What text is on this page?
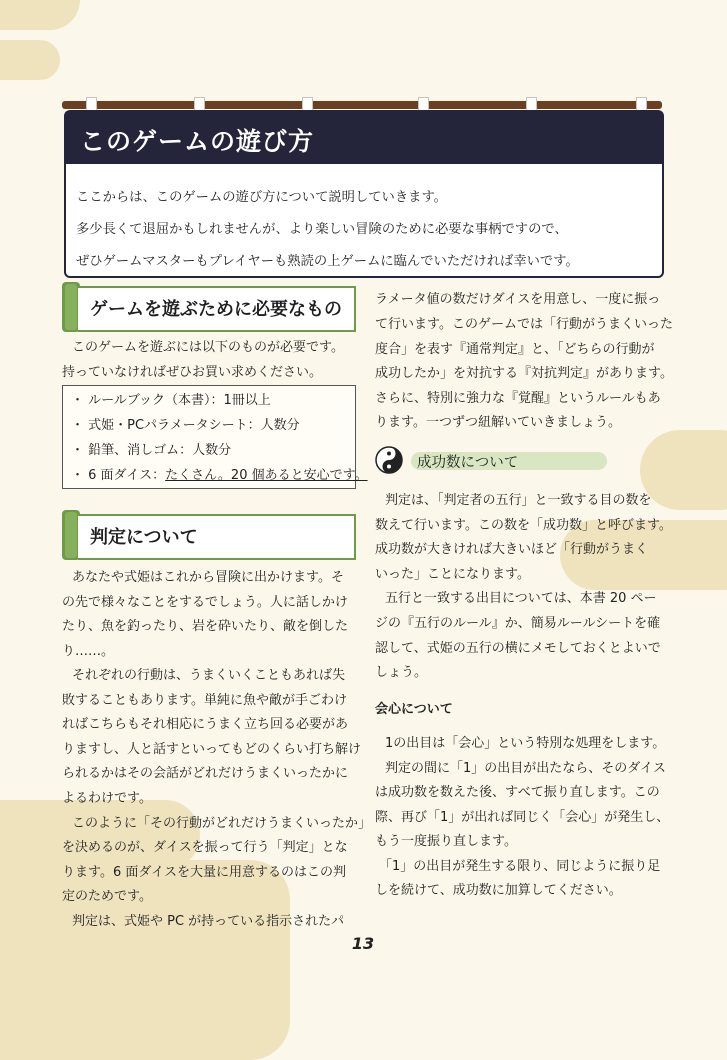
このゲームの遊び方
ここからは、このゲームの遊び方について説明していきます。
多少長くて退屈かもしれませんが、より楽しい冒険のために必要な事柄ですので、
ぜひゲームマスターもプレイヤーも熟読の上ゲームに臨んでいただければ幸いです。
ゲームを遊ぶために必要なもの
このゲームを遊ぶには以下のものが必要です。
持っていなければぜひお買い求めください。
・ ルールブック（本書）：1冊以上
・ 式姫・PCパラメータシート：人数分
・ 鉛筆、消しゴム：人数分
・ 6 面ダイス：たくさん。20 個あると安心です。
判定について
あなたや式姫はこれから冒険に出かけます。そ
の先で様々なことをするでしょう。人に話しかけ
たり、魚を釣ったり、岩を砕いたり、敵を倒した
り……。
それぞれの行動は、うまくいくこともあれば失
敗することもあります。単純に魚や敵が手ごわけ
ればこちらもそれ相応にうまく立ち回る必要があ
りますし、人と話すといってもどのくらい打ち解け
られるかはその会話がどれだけうまくいったかに
よるわけです。
このように「その行動がどれだけうまくいったか」
を決めるのが、ダイスを振って行う「判定」とな
ります。6 面ダイスを大量に用意するのはこの判
定のためです。
判定は、式姫や PC が持っている指示されたパ
ラメータ値の数だけダイスを用意し、一度に振っ
て行います。このゲームでは「行動がうまくいった
度合」を表す『通常判定』と、「どちらの行動が
成功したか」を対抗する『対抗判定』があります。
さらに、特別に強力な『覚醒』というルールもあ
ります。一つずつ紐解いていきましょう。
成功数について
判定は、「判定者の五行」と一致する目の数を
数えて行います。この数を「成功数」と呼びます。
成功数が大きければ大きいほど「行動がうまく
いった」ことになります。
五行と一致する出目については、本書 20 ペー
ジの『五行のルール』か、簡易ルールシートを確
認して、式姫の五行の横にメモしておくとよいで
しょう。
会心について
1の出目は「会心」という特別な処理をします。
判定の間に「1」の出目が出たなら、そのダイス
は成功数を数えた後、すべて振り直します。この
際、再び「1」が出れば同じく「会心」が発生し、
もう一度振り直します。
「1」の出目が発生する限り、同じように振り足
しを続けて、成功数に加算してください。
13
